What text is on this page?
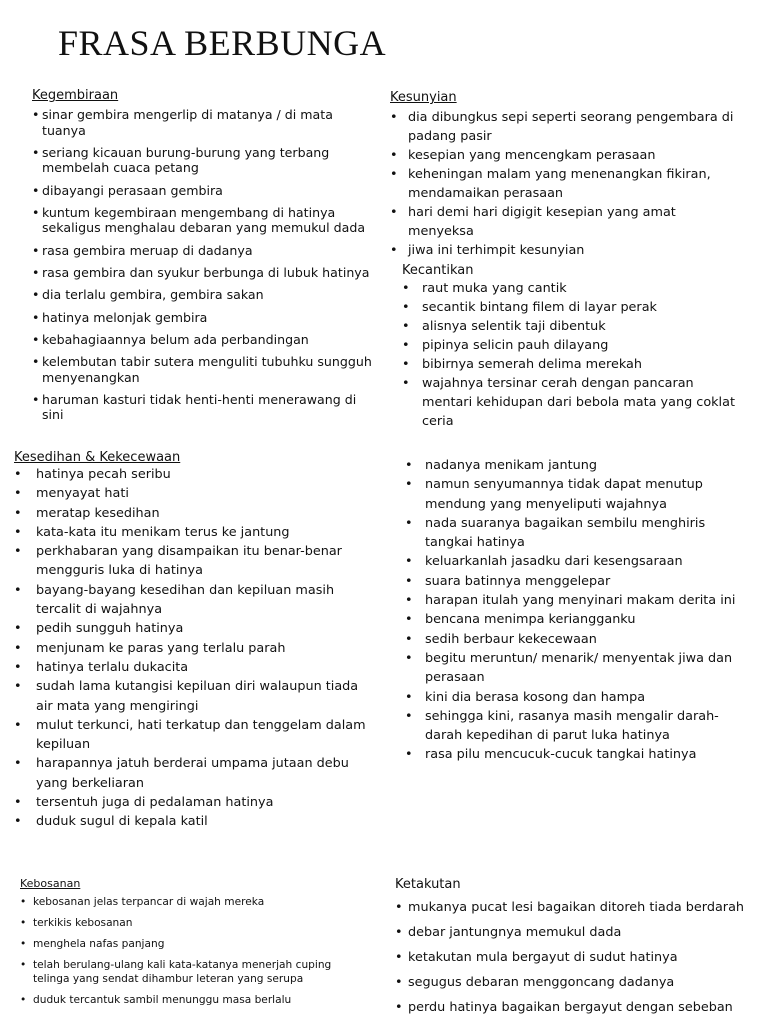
FRASA BERBUNGA
Kegembiraan
• sinar gembira mengerlip di matanya / di mata tuanya
• seriang kicauan burung-burung yang terbang membelah cuaca petang
• dibayangi perasaan gembira
• kuntum kegembiraan mengembang di hatinya sekaligus menghalau debaran yang memukul dada
• rasa gembira meruap di dadanya
• rasa gembira dan syukur berbunga di lubuk hatinya
• dia terlalu gembira, gembira sakan
• hatinya melonjak gembira
• kebahagiaannya belum ada perbandingan
• kelembutan tabir sutera menguliti tubuhku sungguh menyenangkan
• haruman kasturi tidak henti-henti menerawang di sini
Kesunyian
• dia dibungkus sepi seperti seorang pengembara di padang pasir
• kesepian yang mencengkam perasaan
• keheningan malam yang menenangkan fikiran, mendamaikan perasaan
• hari demi hari digigit kesepian yang amat menyeksa
• jiwa ini terhimpit kesunyian
Kecantikan
• raut muka yang cantik
• secantik bintang filem di layar perak
• alisnya selentik taji dibentuk
• pipinya selicin pauh dilayang
• bibirnya semerah delima merekah
• wajahnya tersinar cerah dengan pancaran mentari kehidupan dari bebola mata yang coklat ceria
Kesedihan & Kekecewaan
• hatinya pecah seribu
• menyayat hati
• meratap kesedihan
• kata-kata itu menikam terus ke jantung
• perkhabaran yang disampaikan itu benar-benar mengguris luka di hatinya
• bayang-bayang kesedihan dan kepiluan masih tercalit di wajahnya
• pedih sungguh hatinya
• menjunam ke paras yang terlalu parah
• hatinya terlalu dukacita
• sudah lama kutangisi kepiluan diri walaupun tiada air mata yang mengiringi
• mulut terkunci, hati terkatup dan tenggelam dalam kepiluan
• harapannya jatuh berderai umpama jutaan debu yang berkeliaran
• tersentuh juga di pedalaman hatinya
• duduk sugul di kepala katil
• nadanya menikam jantung
• namun senyumannya tidak dapat menutup mendung yang menyeliputi wajahnya
• nada suaranya bagaikan sembilu menghiris tangkai hatinya
• keluarkanlah jasadku dari kesengsaraan
• suara batinnya menggelepar
• harapan itulah yang menyinari makam derita ini
• bencana menimpa keriangganku
• sedih berbaur kekecewaan
• begitu meruntun/ menarik/ menyentak jiwa dan perasaan
• kini dia berasa kosong dan hampa
• sehingga kini, rasanya masih mengalir darah-darah kepedihan di parut luka hatinya
• rasa pilu mencucuk-cucuk tangkai hatinya
Kebosanan
• kebosanan jelas terpancar di wajah mereka
• terkikis kebosanan
• menghela nafas panjang
• telah berulang-ulang kali kata-katanya menerjah cuping telinga yang sendat dihambur leteran yang serupa
• duduk tercantuk sambil menunggu masa berlalu
Ketakutan
• mukanya pucat lesi bagaikan ditoreh tiada berdarah
• debar jantungnya memukul dada
• ketakutan mula bergayut di sudut hatinya
• segugus debaran menggoncang dadanya
• perdu hatinya bagaikan bergayut dengan sebeban
